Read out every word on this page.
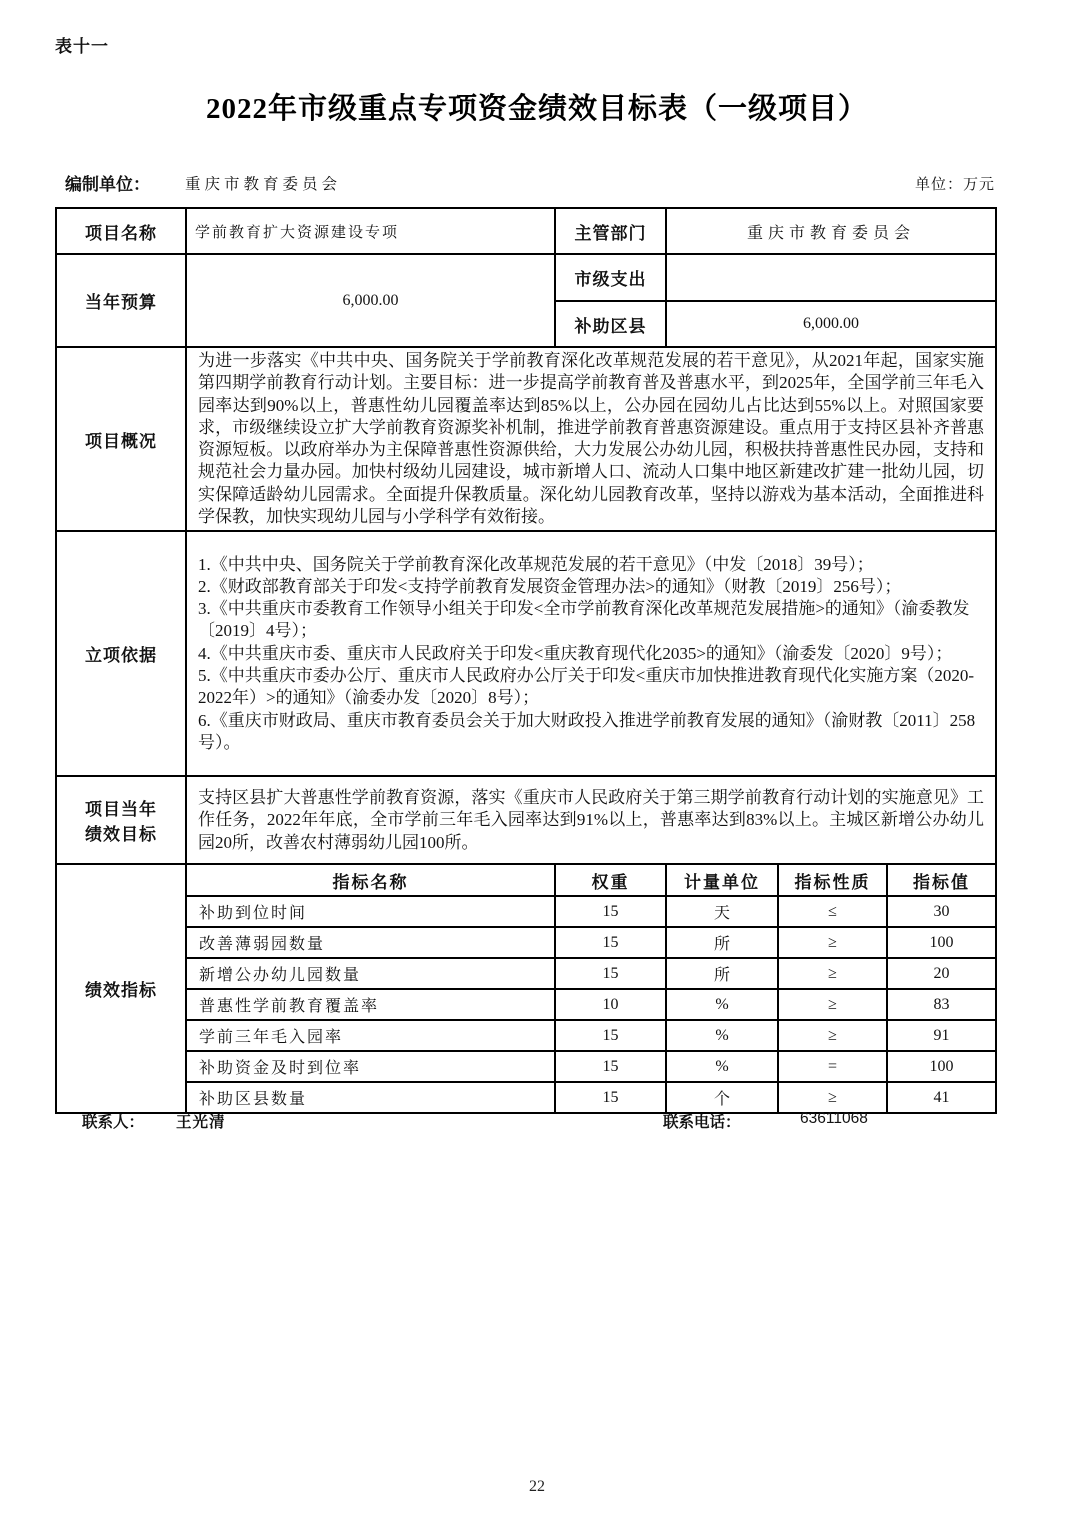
表十一
2022年市级重点专项资金绩效目标表（一级项目）
编制单位： 重庆市教育委员会	单位：万元
项目名称	学前教育扩大资源建设专项	主管部门	重庆市教育委员会		
当年预算	6,000.00	市级支出			
		补助区县	6,000.00		
项目概况	为进一步落实《中共中央、国务院关于学前教育深化改革规范发展的若干意见》，从2021年起，国家实施第四期学前教育行动计划。主要目标：进一步提高学前教育普及普惠水平，到2025年，全国学前三年毛入园率达到90%以上，普惠性幼儿园覆盖率达到85%以上，公办园在园幼儿占比达到55%以上。对照国家要求，市级继续设立扩大学前教育资源奖补机制，推进学前教育普惠资源建设。重点用于支持区县补齐普惠资源短板。以政府举办为主保障普惠性资源供给，大力发展公办幼儿园，积极扶持普惠性民办园，支持和规范社会力量办园。加快村级幼儿园建设，城市新增人口、流动人口集中地区新建改扩建一批幼儿园，切实保障适龄幼儿园需求。全面提升保教质量。深化幼儿园教育改革，坚持以游戏为基本活动，全面推进科学保教，加快实现幼儿园与小学科学有效衔接。				
立项依据	
1.《中共中央、国务院关于学前教育深化改革规范发展的若干意见》（中发〔2018〕39号）；
2.《财政部教育部关于印发<支持学前教育发展资金管理办法>的通知》（财教〔2019〕256号）；
3.《中共重庆市委教育工作领导小组关于印发<全市学前教育深化改革规范发展措施>的通知》（渝委教发〔2019〕4号）；
4.《中共重庆市委、重庆市人民政府关于印发<重庆教育现代化2035>的通知》（渝委发〔2020〕9号）；
5.《中共重庆市委办公厅、重庆市人民政府办公厅关于印发<重庆市加快推进教育现代化实施方案（2020-2022年）>的通知》（渝委办发〔2020〕8号）；
6.《重庆市财政局、重庆市教育委员会关于加大财政投入推进学前教育发展的通知》（渝财教〔2011〕258号）。

项目当年绩效目标	支持区县扩大普惠性学前教育资源，落实《重庆市人民政府关于第三期学前教育行动计划的实施意见》工作任务，2022年年底，全市学前三年毛入园率达到91%以上，普惠率达到83%以上。主城区新增公办幼儿园20所，改善农村薄弱幼儿园100所。				
绩效指标	指标名称	权重	计量单位	指标性质	指标值
	补助到位时间	15	天	≤	30
	改善薄弱园数量	15	所	≥	100
	新增公办幼儿园数量	15	所	≥	20
	普惠性学前教育覆盖率	10	%	≥	83
	学前三年毛入园率	15	%	≥	91
	补助资金及时到位率	15	%	=	100
	补助区县数量	15	个	≥	41
联系人： 王光清	联系电话：	63611068
22
